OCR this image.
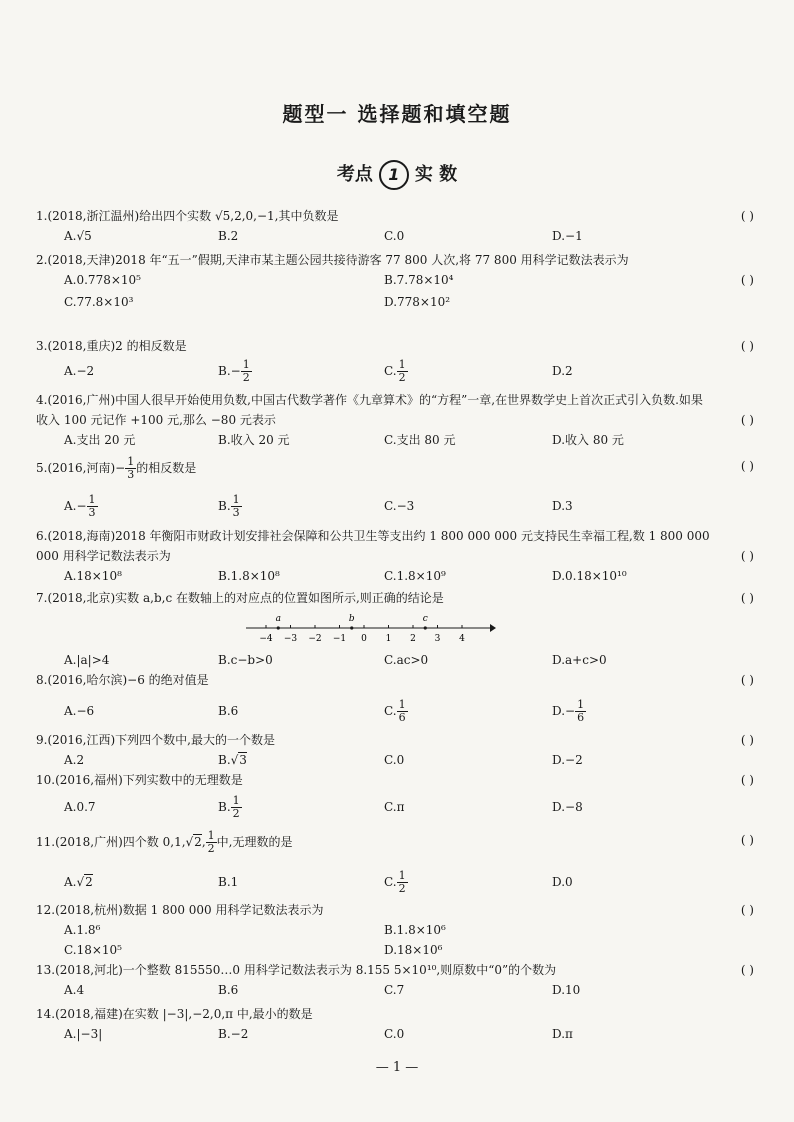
题型一 选择题和填空题
考点 1 实 数
1.(2018,浙江温州)给出四个实数 √5,2,0,−1,其中负数是	( )
A.√5	B.2	C.0	D.−1
2.(2018,天津)2018 年“五一”假期,天津市某主题公园共接待游客 77 800 人次,将 77 800 用科学记数法表示为
( )
A.0.778×10⁵	B.7.78×10⁴
C.77.8×10³	D.778×10²
3.(2018,重庆)2 的相反数是	( )
A.−2	$B.- \frac{1}{2}$	C. $\frac{1}{2}$	D.2
4.(2016,广州)中国人很早开始使用负数,中国古代数学著作《九章算术》的“方程”一章,在世界数学史上首次正式引入负数.如果收入 100 元记作 +100 元,那么 −80 元表示	( )
A.支出 20 元	B.收入 20 元	C.支出 80 元	D.收入 80 元
5.(2016,河南)− $\frac{1}{3}$ 的相反数是	( )
$A.- \frac{1}{3}$	B. $\frac{1}{3}$	C.−3	D.3
6.(2018,海南)2018 年衡阳市财政计划安排社会保障和公共卫生等支出约 1 800 000 000 元支持民生幸福工程,数 1 800 000 000 用科学记数法表示为	( )
A.18×10⁸	B.1.8×10⁸	C.1.8×10⁹	D.0.18×10¹⁰
7.(2018,北京)实数 a,b,c 在数轴上的对应点的位置如图所示,则正确的结论是	( )
A.|a|>4	B.c−b>0	C.ac>0	D.a+c>0
−4 −3 −2 −1 0 1 2 3 4
a	b	c
8.(2016,哈尔滨)−6 的绝对值是	( )
A.−6	B.6	C. $\frac{1}{6}$	$D.- \frac{1}{6}$
9.(2016,江西)下列四个数中,最大的一个数是	( )
A.2	B.√3	C.0	D.−2
10.(2016,福州)下列实数中的无理数是	( )
A.0.7	B. $\frac{1}{2}$	C.π	D.−8
11.(2018,广州)四个数 0,1,√2, $\frac{1}{2}$ 中,无理数的是	( )
A.√2	B.1	C. $\frac{1}{2}$	D.0
12.(2018,杭州)数据 1 800 000 用科学记数法表示为	( )
A.1.8⁶	B.1.8×10⁶
C.18×10⁵	D.18×10⁶
13.(2018,河北)一个整数 815550…0 用科学记数法表示为 8.155 5×10¹⁰,则原数中“0”的个数为	( )
A.4	B.6	C.7	D.10
14.(2018,福建)在实数 |−3|,−2,0,π 中,最小的数是
A.|−3|	B.−2	C.0	D.π
— 1 —
